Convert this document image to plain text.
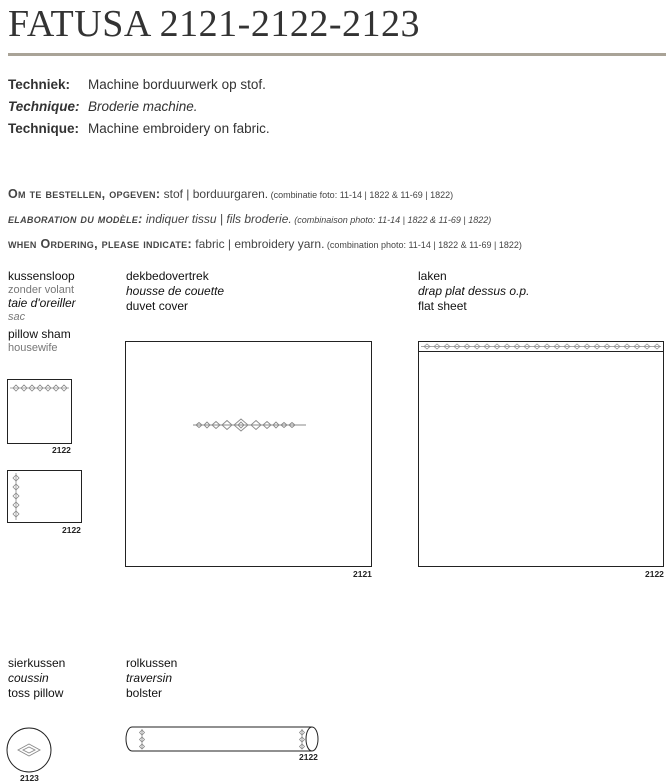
FATUSA 2121-2122-2123
Techniek: Machine borduurwerk op stof.
Technique: Broderie machine.
Technique: Machine embroidery on fabric.
Om te bestellen, opgeven: stof | borduurgaren. (combinatie foto: 11-14 | 1822 & 11-69 | 1822)
elaboration du modèle: indiquer tissu | fils broderie. (combinaison photo: 11-14 | 1822 & 11-69 | 1822)
when Ordering, please indicate: fabric | embroidery yarn. (combination photo: 11-14 | 1822 & 11-69 | 1822)
kussensloop
zonder volant
taie d'oreiller
sac
pillow sham
housewife
2122
2122
dekbedovertrek
housse de couette
duvet cover
2121
laken
drap plat dessus o.p.
flat sheet
2122
sierkussen
coussin
toss pillow
2123
rolkussen
traversin
bolster
2122
